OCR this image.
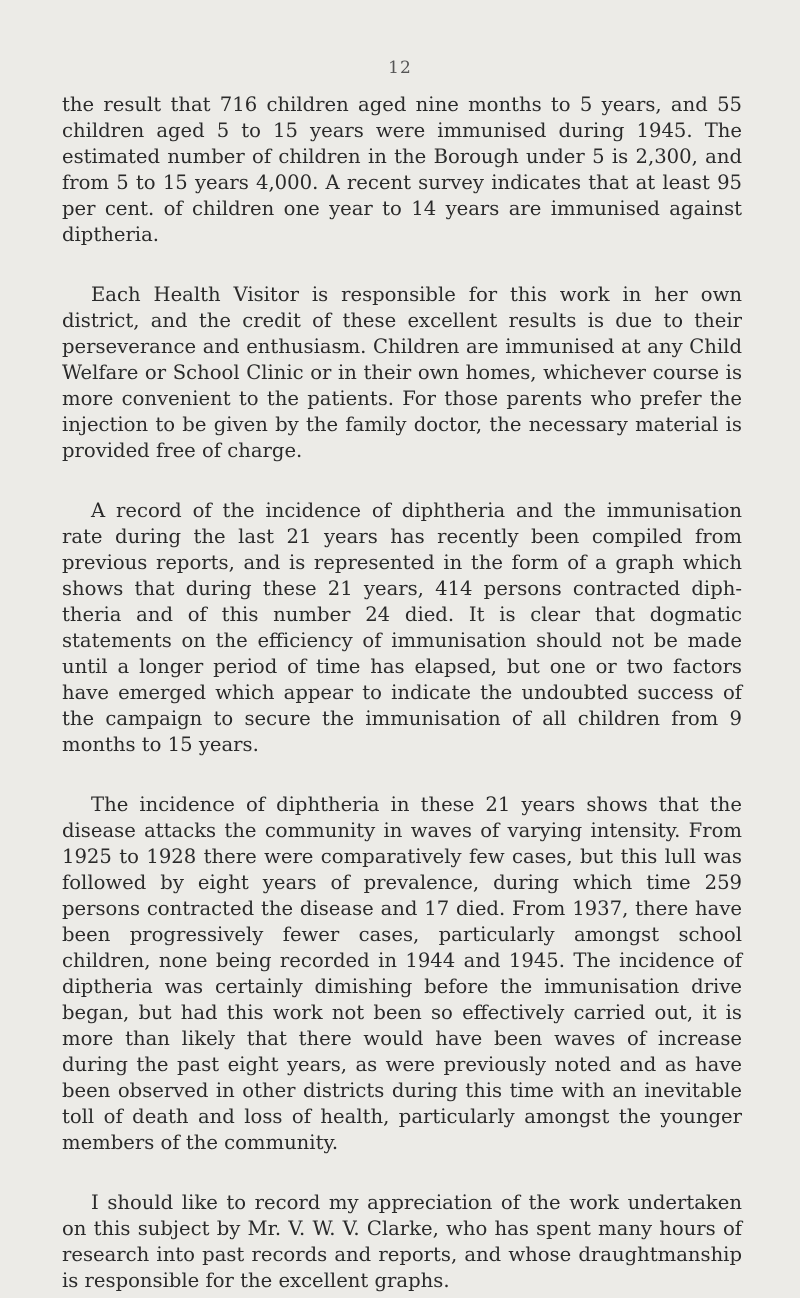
12

the result that 716 children aged nine months to 5 years, and 55 children aged 5 to 15 years were immunised during 1945. The estimated number of children in the Borough under 5 is 2,300, and from 5 to 15 years 4,000. A recent survey indicates that at least 95 per cent. of children one year to 14 years are immunised against diptheria.

Each Health Visitor is responsible for this work in her own district, and the credit of these excellent results is due to their perseverance and enthusiasm. Children are immunised at any Child Welfare or School Clinic or in their own homes, whichever course is more convenient to the patients. For those parents who prefer the injection to be given by the family doctor, the necessary material is provided free of charge.

A record of the incidence of diphtheria and the immunisation rate during the last 21 years has recently been compiled from previous reports, and is represented in the form of a graph which shows that during these 21 years, 414 persons contracted diphtheria and of this number 24 died. It is clear that dogmatic statements on the efficiency of immunisation should not be made until a longer period of time has elapsed, but one or two factors have emerged which appear to indicate the undoubted success of the campaign to secure the immunisation of all children from 9 months to 15 years.

The incidence of diphtheria in these 21 years shows that the disease attacks the community in waves of varying intensity. From 1925 to 1928 there were comparatively few cases, but this lull was followed by eight years of prevalence, during which time 259 persons contracted the disease and 17 died. From 1937, there have been progressively fewer cases, particularly amongst school children, none being recorded in 1944 and 1945. The incidence of diptheria was certainly dimishing before the immunisation drive began, but had this work not been so effectively carried out, it is more than likely that there would have been waves of increase during the past eight years, as were previously noted and as have been observed in other districts during this time with an inevitable toll of death and loss of health, particularly amongst the younger members of the community.

I should like to record my appreciation of the work undertaken on this subject by Mr. V. W. V. Clarke, who has spent many hours of research into past records and reports, and whose draughtmanship is responsible for the excellent graphs.
